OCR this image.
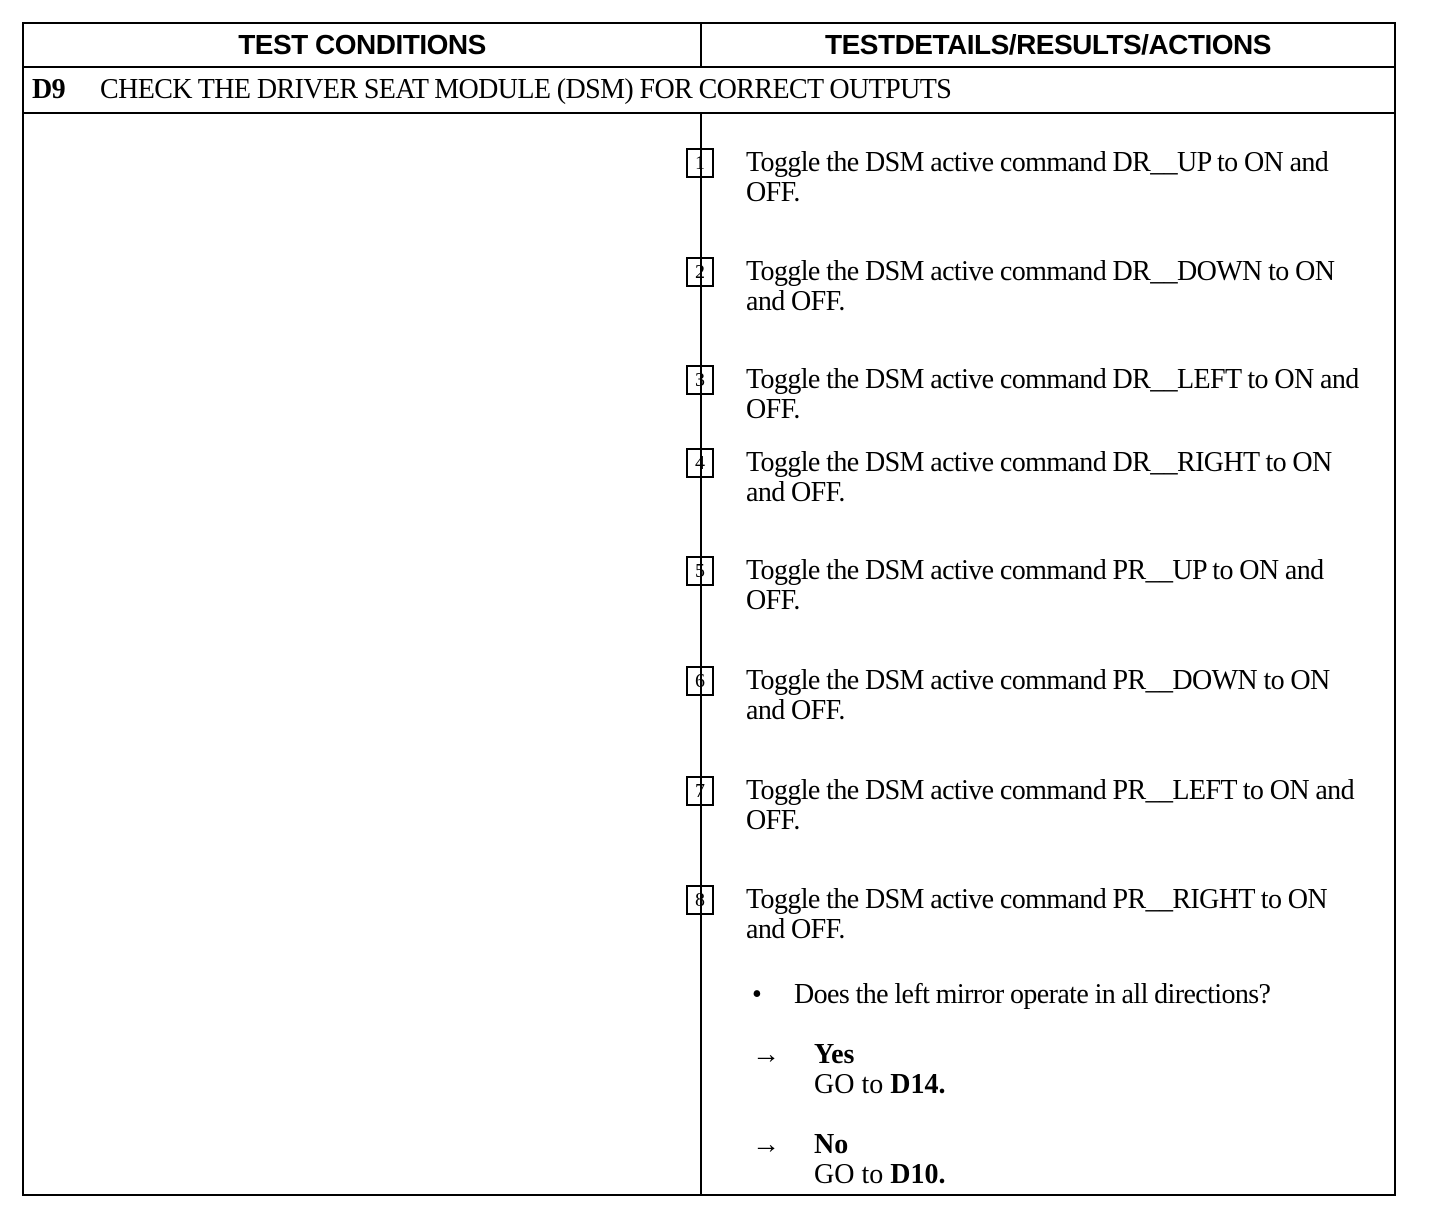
TEST CONDITIONS	TESTDETAILS/RESULTS/ACTIONS
D9	CHECK THE DRIVER SEAT MODULE (DSM) FOR CORRECT OUTPUTS
1	Toggle the DSM active command DR__UP to ON and OFF.
2	Toggle the DSM active command DR__DOWN to ON and OFF.
3	Toggle the DSM active command DR__LEFT to ON and OFF.
4	Toggle the DSM active command DR__RIGHT to ON and OFF.
5	Toggle the DSM active command PR__UP to ON and OFF.
6	Toggle the DSM active command PR__DOWN to ON and OFF.
7	Toggle the DSM active command PR__LEFT to ON and OFF.
8	Toggle the DSM active command PR__RIGHT to ON and OFF.
• Does the left mirror operate in all directions?
→ Yes
GO to D14.
→ No
GO to D10.
